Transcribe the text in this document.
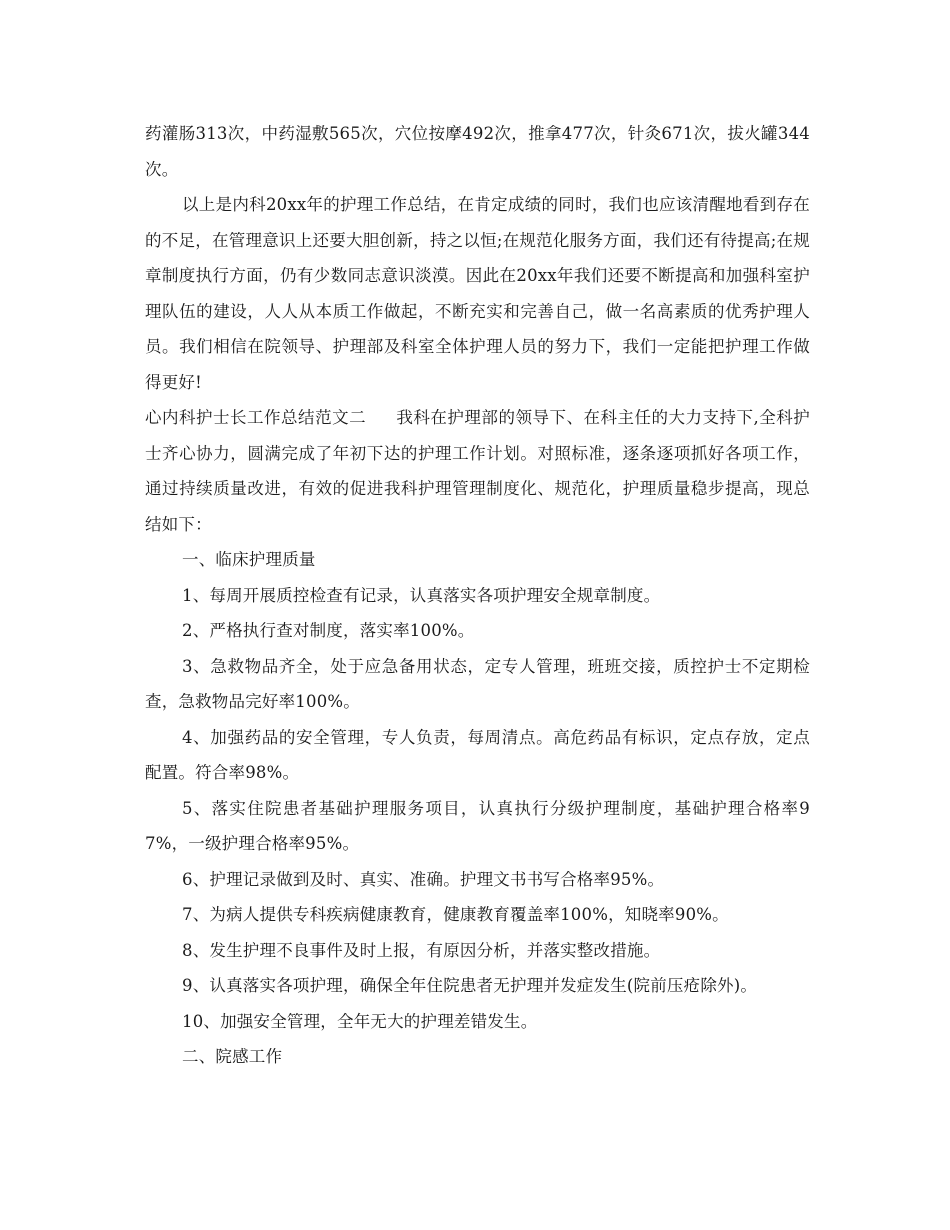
药灌肠313次，中药湿敷565次，穴位按摩492次，推拿477次，针灸671次，拔火罐344次。

以上是内科20xx年的护理工作总结，在肯定成绩的同时，我们也应该清醒地看到存在的不足，在管理意识上还要大胆创新，持之以恒;在规范化服务方面，我们还有待提高;在规章制度执行方面，仍有少数同志意识淡漠。因此在20xx年我们还要不断提高和加强科室护理队伍的建设，人人从本质工作做起，不断充实和完善自己，做一名高素质的优秀护理人员。我们相信在院领导、护理部及科室全体护理人员的努力下，我们一定能把护理工作做得更好!

心内科护士长工作总结范文二 我科在护理部的领导下、在科主任的大力支持下,全科护士齐心协力，圆满完成了年初下达的护理工作计划。对照标准，逐条逐项抓好各项工作，通过持续质量改进，有效的促进我科护理管理制度化、规范化，护理质量稳步提高，现总结如下：

一、临床护理质量

1、每周开展质控检查有记录，认真落实各项护理安全规章制度。

2、严格执行查对制度，落实率100%。

3、急救物品齐全，处于应急备用状态，定专人管理，班班交接，质控护士不定期检查，急救物品完好率100%。

4、加强药品的安全管理，专人负责，每周清点。高危药品有标识，定点存放，定点配置。符合率98%。

5、落实住院患者基础护理服务项目，认真执行分级护理制度，基础护理合格率97%，一级护理合格率95%。

6、护理记录做到及时、真实、准确。护理文书书写合格率95%。

7、为病人提供专科疾病健康教育，健康教育覆盖率100%，知晓率90%。

8、发生护理不良事件及时上报，有原因分析，并落实整改措施。

9、认真落实各项护理，确保全年住院患者无护理并发症发生(院前压疮除外)。

10、加强安全管理，全年无大的护理差错发生。

二、院感工作
